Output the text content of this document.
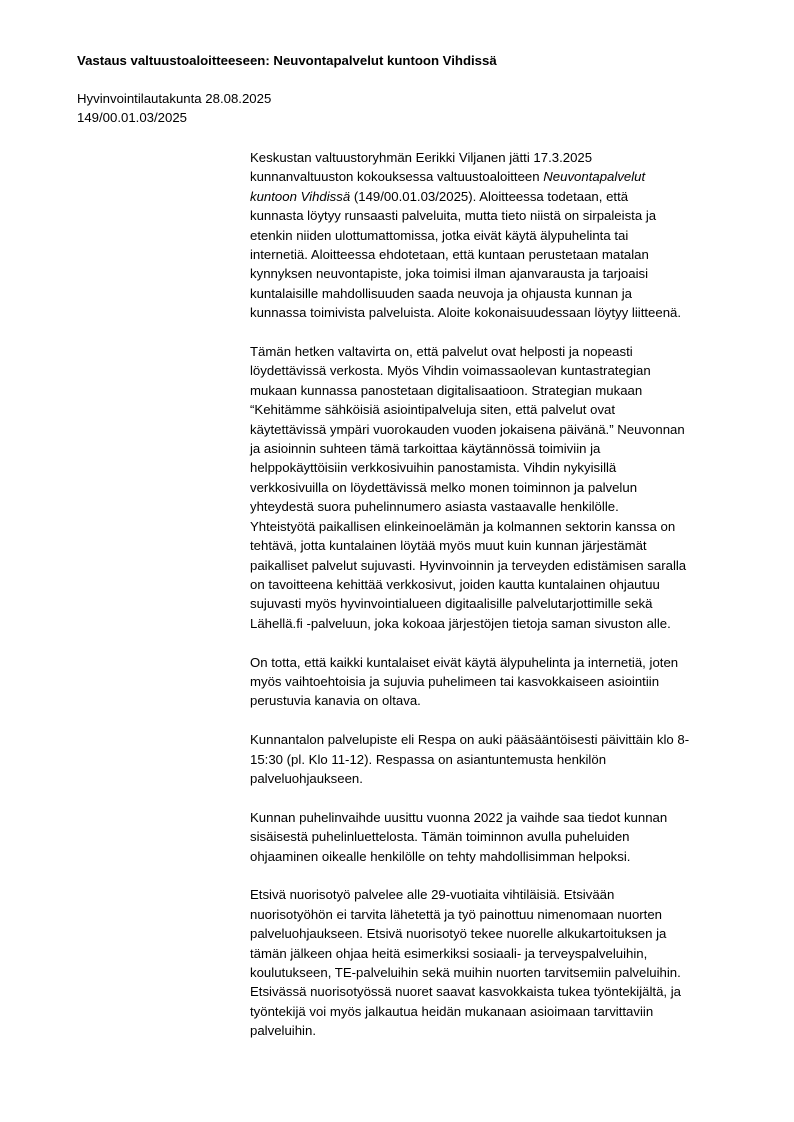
Vastaus valtuustoaloitteeseen: Neuvontapalvelut kuntoon Vihdissä
Hyvinvointilautakunta 28.08.2025
149/00.01.03/2025

Keskustan valtuustoryhmän Eerikki Viljanen jätti 17.3.2025
kunnanvaltuuston kokouksessa valtuustoaloitteen Neuvontapalvelut
kuntoon Vihdissä (149/00.01.03/2025). Aloitteessa todetaan, että
kunnasta löytyy runsaasti palveluita, mutta tieto niistä on sirpaleista ja
etenkin niiden ulottumattomissa, jotka eivät käytä älypuhelinta tai
internetiä. Aloitteessa ehdotetaan, että kuntaan perustetaan matalan
kynnyksen neuvontapiste, joka toimisi ilman ajanvarausta ja tarjoaisi
kuntalaisille mahdollisuuden saada neuvoja ja ohjausta kunnan ja
kunnassa toimivista palveluista. Aloite kokonaisuudessaan löytyy liitteenä.

Tämän hetken valtavirta on, että palvelut ovat helposti ja nopeasti
löydettävissä verkosta. Myös Vihdin voimassaolevan kuntastrategian
mukaan kunnassa panostetaan digitalisaatioon. Strategian mukaan
“Kehitämme sähköisiä asiointipalveluja siten, että palvelut ovat
käytettävissä ympäri vuorokauden vuoden jokaisena päivänä.” Neuvonnan
ja asioinnin suhteen tämä tarkoittaa käytännössä toimiviin ja
helppokäyttöisiin verkkosivuihin panostamista. Vihdin nykyisillä
verkkosivuilla on löydettävissä melko monen toiminnon ja palvelun
yhteydestä suora puhelinnumero asiasta vastaavalle henkilölle.
Yhteistyötä paikallisen elinkeinoelämän ja kolmannen sektorin kanssa on
tehtävä, jotta kuntalainen löytää myös muut kuin kunnan järjestämät
paikalliset palvelut sujuvasti. Hyvinvoinnin ja terveyden edistämisen saralla
on tavoitteena kehittää verkkosivut, joiden kautta kuntalainen ohjautuu
sujuvasti myös hyvinvointialueen digitaalisille palvelutarjottimille sekä
Lähellä.fi -palveluun, joka kokoaa järjestöjen tietoja saman sivuston alle.

On totta, että kaikki kuntalaiset eivät käytä älypuhelinta ja internetiä, joten
myös vaihtoehtoisia ja sujuvia puhelimeen tai kasvokkaiseen asiointiin
perustuvia kanavia on oltava.

Kunnantalon palvelupiste eli Respa on auki pääsääntöisesti päivittäin klo 8-
15:30 (pl. Klo 11-12). Respassa on asiantuntemusta henkilön
palveluohjaukseen.

Kunnan puhelinvaihde uusittu vuonna 2022 ja vaihde saa tiedot kunnan
sisäisestä puhelinluettelosta. Tämän toiminnon avulla puheluiden
ohjaaminen oikealle henkilölle on tehty mahdollisimman helpoksi.

Etsivä nuorisotyö palvelee alle 29-vuotiaita vihtiläisiä. Etsivään
nuorisotyöhön ei tarvita lähetettä ja työ painottuu nimenomaan nuorten
palveluohjaukseen. Etsivä nuorisotyö tekee nuorelle alkukartoituksen ja
tämän jälkeen ohjaa heitä esimerkiksi sosiaali- ja terveyspalveluihin,
koulutukseen, TE-palveluihin sekä muihin nuorten tarvitsemiin palveluihin.
Etsivässä nuorisotyössä nuoret saavat kasvokkaista tukea työntekijältä, ja
työntekijä voi myös jalkautua heidän mukanaan asioimaan tarvittaviin
palveluihin.
